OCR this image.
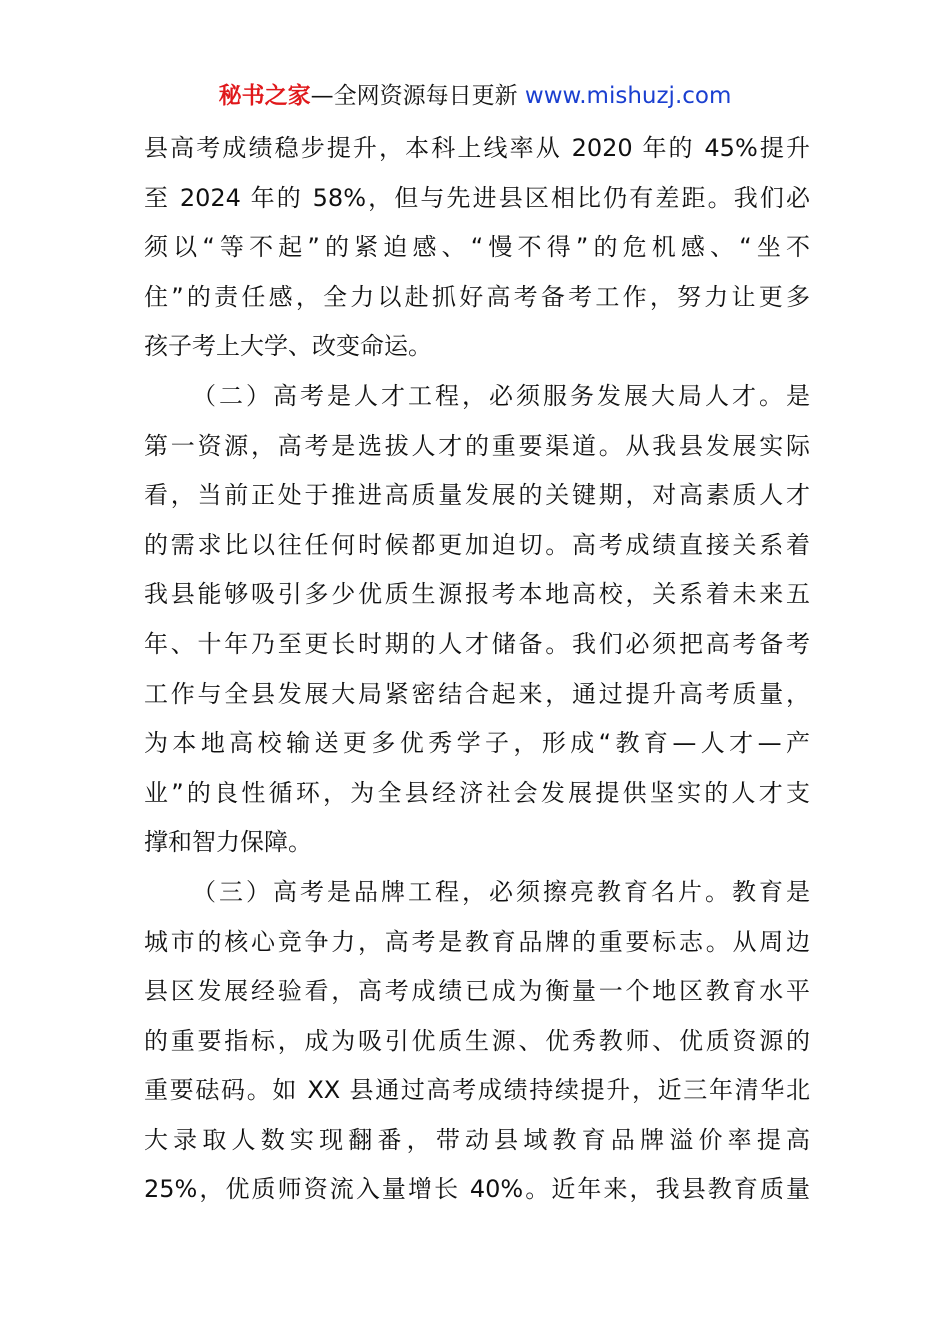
秘书之家—全网资源每日更新 www.mishuzj.com
县高考成绩稳步提升，本科上线率从 2020 年的 45%提升
至 2024 年的 58%，但与先进县区相比仍有差距。我们必
须以“等不起”的紧迫感、“慢不得”的危机感、“坐不
住”的责任感，全力以赴抓好高考备考工作，努力让更多
孩子考上大学、改变命运。
（二）高考是人才工程，必须服务发展大局人才。是
第一资源，高考是选拔人才的重要渠道。从我县发展实际
看，当前正处于推进高质量发展的关键期，对高素质人才
的需求比以往任何时候都更加迫切。高考成绩直接关系着
我县能够吸引多少优质生源报考本地高校，关系着未来五
年、十年乃至更长时期的人才储备。我们必须把高考备考
工作与全县发展大局紧密结合起来，通过提升高考质量，
为本地高校输送更多优秀学子，形成“教育—人才—产
业”的良性循环，为全县经济社会发展提供坚实的人才支
撑和智力保障。
（三）高考是品牌工程，必须擦亮教育名片。教育是
城市的核心竞争力，高考是教育品牌的重要标志。从周边
县区发展经验看，高考成绩已成为衡量一个地区教育水平
的重要指标，成为吸引优质生源、优秀教师、优质资源的
重要砝码。如 XX 县通过高考成绩持续提升，近三年清华北
大录取人数实现翻番，带动县域教育品牌溢价率提高
25%，优质师资流入量增长 40%。近年来，我县教育质量
